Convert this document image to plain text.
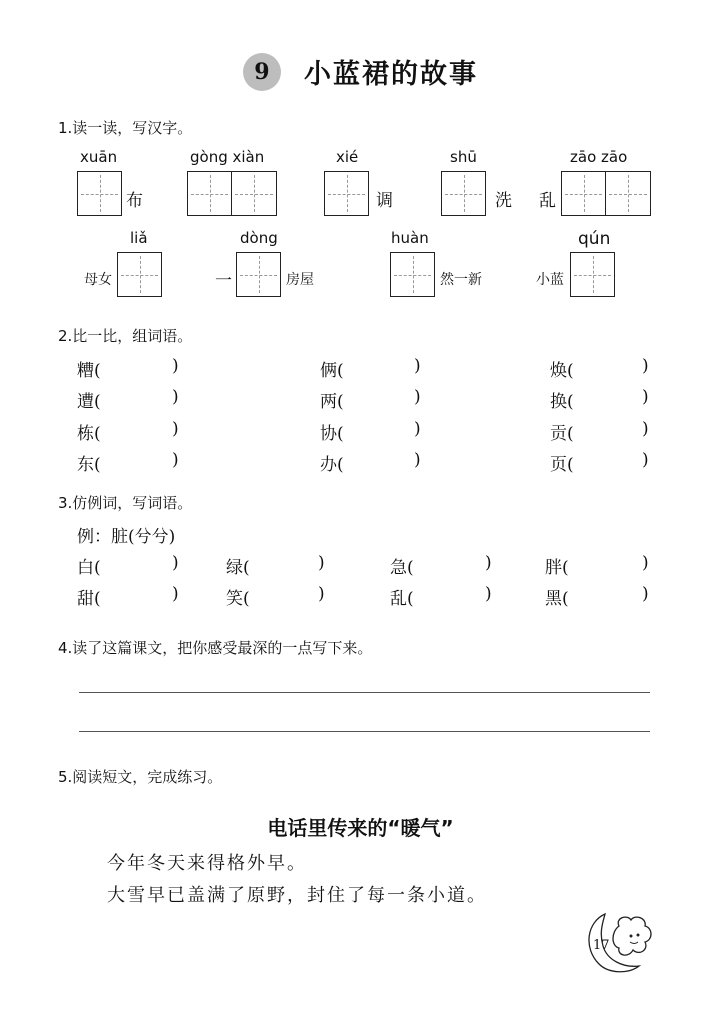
9 小蓝裙的故事
1.读一读，写汉字。
xuān
布
gòng xiàn	xié
调
shū
洗 乱
zāo zāo
liǎ
母女
dòng
一	房屋
huàn
然一新
qún
小蓝
2.比一比，组词语。
糟(	)	俩(	)	焕(	)
遭(	)	两(	)	换(	)
栋(	)	协(	)	贡(	)
东(	)	办(	)	页(	)
3.仿例词，写词语。
例：脏(兮兮)
白(	)	绿(	)	急(	)	胖(	)
甜(	)	笑(	)	乱(	)	黑(	)
4.读了这篇课文，把你感受最深的一点写下来。
5.阅读短文，完成练习。
电话里传来的“暖气”
今年冬天来得格外早。
大雪早已盖满了原野，封住了每一条小道。
17
